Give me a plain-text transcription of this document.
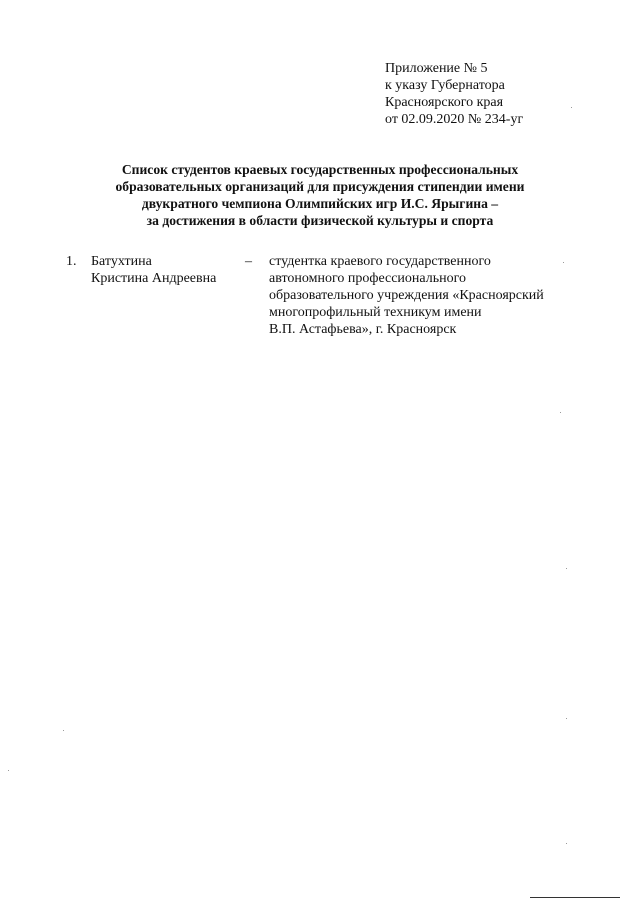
Приложение № 5
к указу Губернатора
Красноярского края
от 02.09.2020 № 234-уг
Список студентов краевых государственных профессиональных
образовательных организаций для присуждения стипендии имени
двукратного чемпиона Олимпийских игр И.С. Ярыгина –
за достижения в области физической культуры и спорта
1. Батухтина
Кристина Андреевна
– студентка краевого государственного
автономного профессионального
образовательного учреждения «Красноярский
многопрофильный техникум имени
В.П. Астафьева», г. Красноярск
